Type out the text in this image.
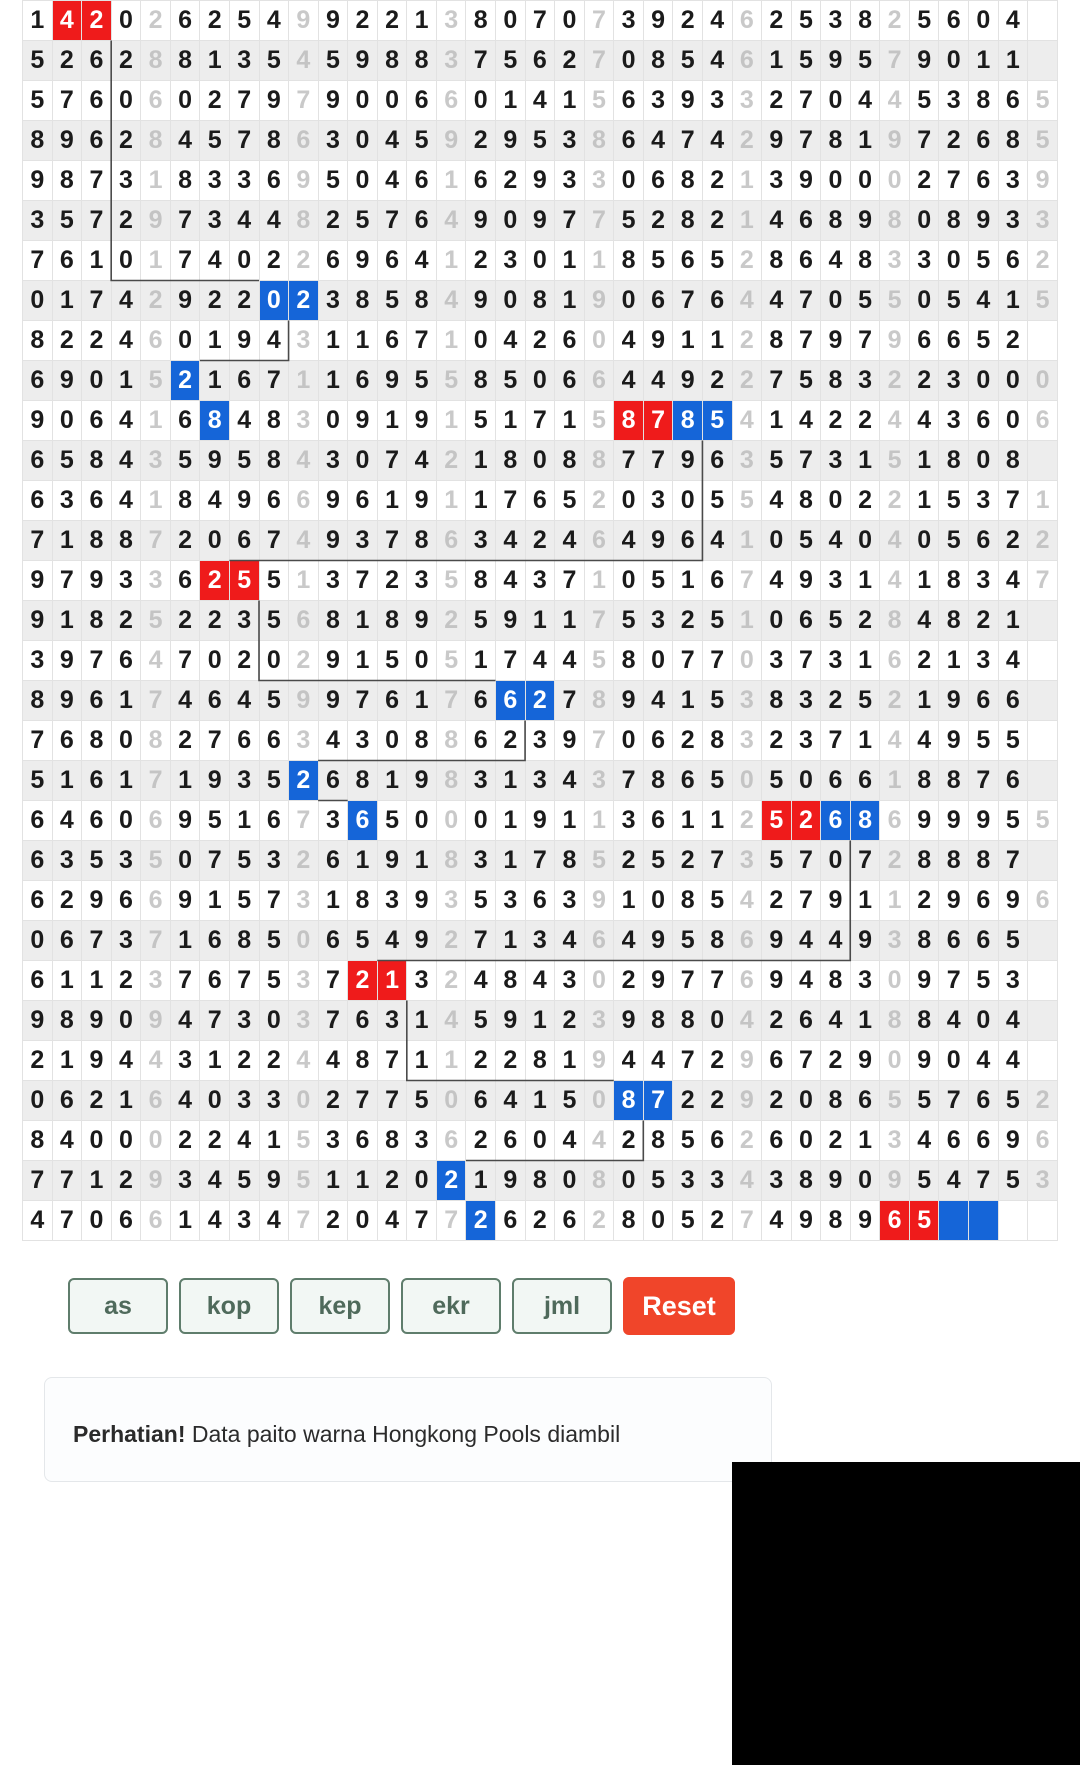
1	4	2	0	2	6	2	5	4	9	9	2	2	1	3	8	0	7	0	7	3	9	2	4	6	2	5	3	8	2	5	6	0	4	
5	2	6	2	8	8	1	3	5	4	5	9	8	8	3	7	5	6	2	7	0	8	5	4	6	1	5	9	5	7	9	0	1	1	
5	7	6	0	6	0	2	7	9	7	9	0	0	6	6	0	1	4	1	5	6	3	9	3	3	2	7	0	4	4	5	3	8	6	5
8	9	6	2	8	4	5	7	8	6	3	0	4	5	9	2	9	5	3	8	6	4	7	4	2	9	7	8	1	9	7	2	6	8	5
9	8	7	3	1	8	3	3	6	9	5	0	4	6	1	6	2	9	3	3	0	6	8	2	1	3	9	0	0	0	2	7	6	3	9
3	5	7	2	9	7	3	4	4	8	2	5	7	6	4	9	0	9	7	7	5	2	8	2	1	4	6	8	9	8	0	8	9	3	3
7	6	1	0	1	7	4	0	2	2	6	9	6	4	1	2	3	0	1	1	8	5	6	5	2	8	6	4	8	3	3	0	5	6	2
0	1	7	4	2	9	2	2	0	2	3	8	5	8	4	9	0	8	1	9	0	6	7	6	4	4	7	0	5	5	0	5	4	1	5
8	2	2	4	6	0	1	9	4	3	1	1	6	7	1	0	4	2	6	0	4	9	1	1	2	8	7	9	7	9	6	6	5	2	
6	9	0	1	5	2	1	6	7	1	1	6	9	5	5	8	5	0	6	6	4	4	9	2	2	7	5	8	3	2	2	3	0	0	0
9	0	6	4	1	6	8	4	8	3	0	9	1	9	1	5	1	7	1	5	8	7	8	5	4	1	4	2	2	4	4	3	6	0	6
6	5	8	4	3	5	9	5	8	4	3	0	7	4	2	1	8	0	8	8	7	7	9	6	3	5	7	3	1	5	1	8	0	8	
6	3	6	4	1	8	4	9	6	6	9	6	1	9	1	1	7	6	5	2	0	3	0	5	5	4	8	0	2	2	1	5	3	7	1
7	1	8	8	7	2	0	6	7	4	9	3	7	8	6	3	4	2	4	6	4	9	6	4	1	0	5	4	0	4	0	5	6	2	2
9	7	9	3	3	6	2	5	5	1	3	7	2	3	5	8	4	3	7	1	0	5	1	6	7	4	9	3	1	4	1	8	3	4	7
9	1	8	2	5	2	2	3	5	6	8	1	8	9	2	5	9	1	1	7	5	3	2	5	1	0	6	5	2	8	4	8	2	1	
3	9	7	6	4	7	0	2	0	2	9	1	5	0	5	1	7	4	4	5	8	0	7	7	0	3	7	3	1	6	2	1	3	4	
8	9	6	1	7	4	6	4	5	9	9	7	6	1	7	6	6	2	7	8	9	4	1	5	3	8	3	2	5	2	1	9	6	6	
7	6	8	0	8	2	7	6	6	3	4	3	0	8	8	6	2	3	9	7	0	6	2	8	3	2	3	7	1	4	4	9	5	5	
5	1	6	1	7	1	9	3	5	2	6	8	1	9	8	3	1	3	4	3	7	8	6	5	0	5	0	6	6	1	8	8	7	6	
6	4	6	0	6	9	5	1	6	7	3	6	5	0	0	0	1	9	1	1	3	6	1	1	2	5	2	6	8	6	9	9	9	5	5
6	3	5	3	5	0	7	5	3	2	6	1	9	1	8	3	1	7	8	5	2	5	2	7	3	5	7	0	7	2	8	8	8	7	
6	2	9	6	6	9	1	5	7	3	1	8	3	9	3	5	3	6	3	9	1	0	8	5	4	2	7	9	1	1	2	9	6	9	6
0	6	7	3	7	1	6	8	5	0	6	5	4	9	2	7	1	3	4	6	4	9	5	8	6	9	4	4	9	3	8	6	6	5	
6	1	1	2	3	7	6	7	5	3	7	2	1	3	2	4	8	4	3	0	2	9	7	7	6	9	4	8	3	0	9	7	5	3	
9	8	9	0	9	4	7	3	0	3	7	6	3	1	4	5	9	1	2	3	9	8	8	0	4	2	6	4	1	8	8	4	0	4	
2	1	9	4	4	3	1	2	2	4	4	8	7	1	1	2	2	8	1	9	4	4	7	2	9	6	7	2	9	0	9	0	4	4	
0	6	2	1	6	4	0	3	3	0	2	7	7	5	0	6	4	1	5	0	8	7	2	2	9	2	0	8	6	5	5	7	6	5	2
8	4	0	0	0	2	2	4	1	5	3	6	8	3	6	2	6	0	4	4	2	8	5	6	2	6	0	2	1	3	4	6	6	9	6
7	7	1	2	9	3	4	5	9	5	1	1	2	0	2	1	9	8	0	8	0	5	3	3	4	3	8	9	0	9	5	4	7	5	3
4	7	0	6	6	1	4	3	4	7	2	0	4	7	7	2	6	2	6	2	8	0	5	2	7	4	9	8	9	6	5				
as	kop	kep	ekr	jml	Reset
Perhatian! Data paito warna Hongkong Pools diambil
